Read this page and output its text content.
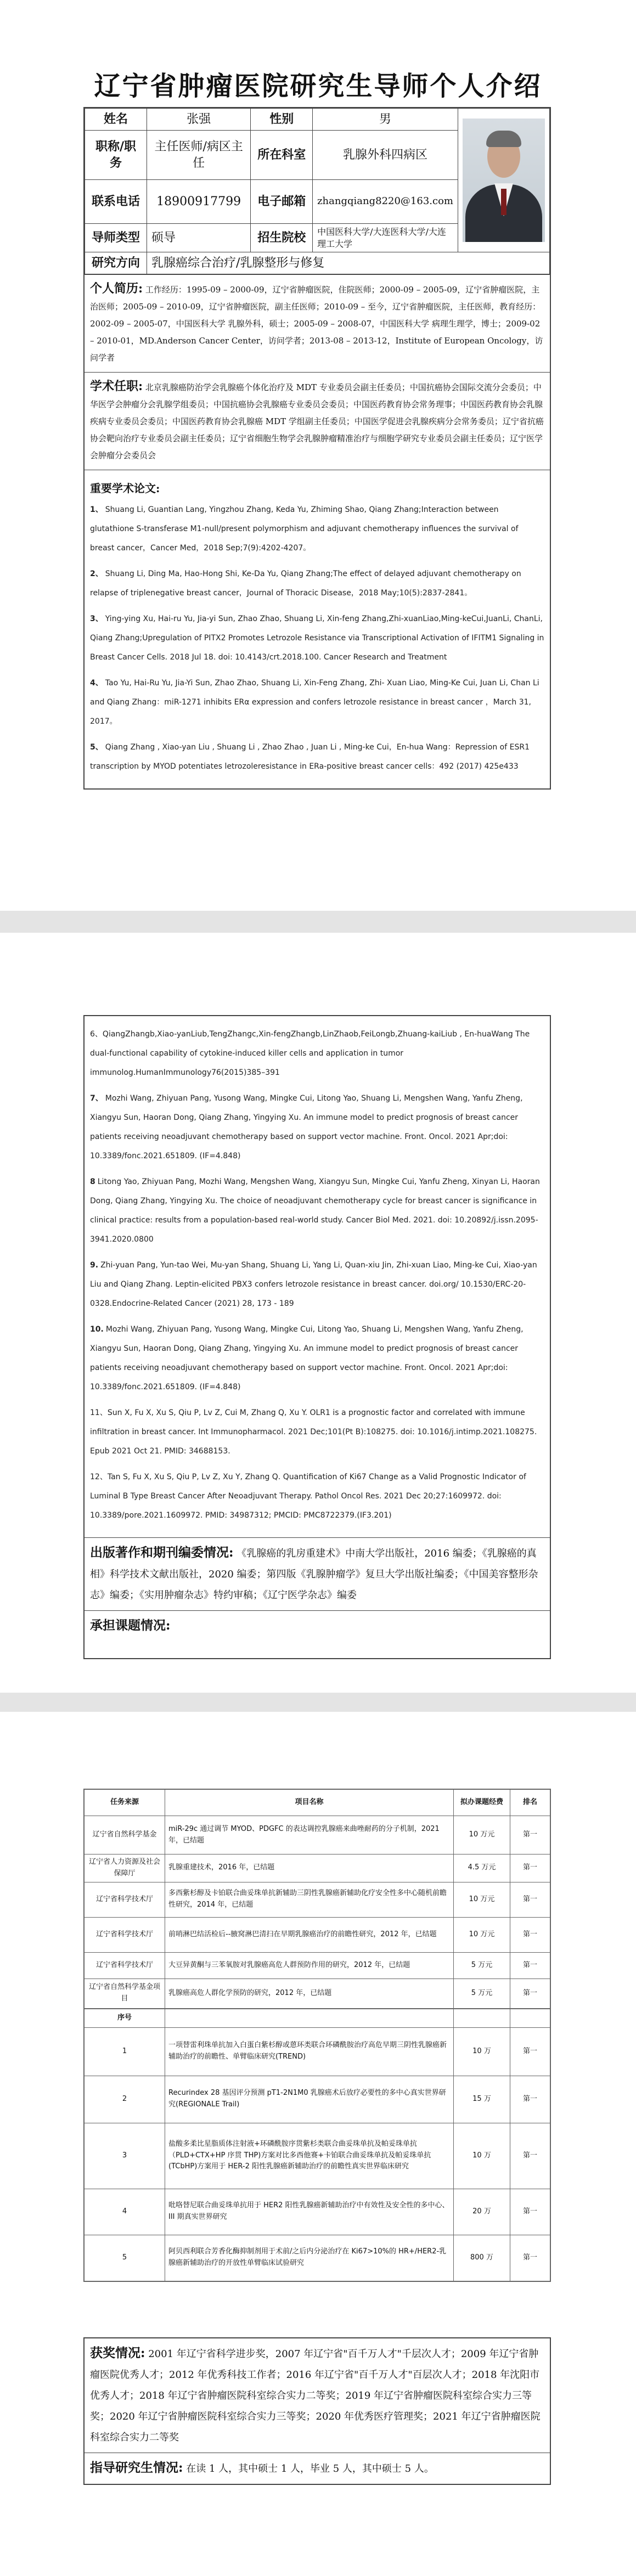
辽宁省肿瘤医院研究生导师个人介绍
姓名	张强	性别	男	

职称/职务	主任医师/病区主任	所在科室	乳腺外科四病区	
联系电话	18900917799	电子邮箱	zhangqiang8220@163.com	
导师类型	硕导	招生院校	中国医科大学/大连医科大学/大连理工大学	
研究方向	乳腺癌综合治疗/乳腺整形与修复			
个人简历: 工作经历：1995-09 – 2000-09，辽宁省肿瘤医院，住院医师；2000-09 – 2005-09，辽宁省肿瘤医院，主治医师；2005-09 – 2010-09，辽宁省肿瘤医院，副主任医师；2010-09 – 至今，辽宁省肿瘤医院，主任医师，教育经历：2002-09 – 2005-07，中国医科大学 乳腺外科，硕士；2005-09 – 2008-07，中国医科大学 病理生理学，博士；2009-02 – 2010-01，MD.Anderson Cancer Center，访问学者；2013-08 – 2013-12，Institute of European Oncology，访问学者
学术任职: 北京乳腺癌防治学会乳腺癌个体化治疗及 MDT 专业委员会副主任委员；中国抗癌协会国际交流分会委员；中华医学会肿瘤分会乳腺学组委员；中国抗癌协会乳腺癌专业委员会委员；中国医药教育协会常务理事；中国医药教育协会乳腺疾病专业委员会委员；中国医药教育协会乳腺癌 MDT 学组副主任委员；中国医学促进会乳腺疾病分会常务委员；辽宁省抗癌协会靶向治疗专业委员会副主任委员；辽宁省细胞生物学会乳腺肿瘤精准治疗与细胞学研究专业委员会副主任委员；辽宁医学会肿瘤分会委员会
重要学术论文:
1、 Shuang Li, Guantian Lang, Yingzhou Zhang, Keda Yu, Zhiming Shao, Qiang Zhang;Interaction between glutathione S-transferase M1-null/present polymorphism and adjuvant chemotherapy influences the survival of breast cancer，Cancer Med，2018 Sep;7(9):4202-4207。
2、 Shuang Li, Ding Ma, Hao-Hong Shi, Ke-Da Yu, Qiang Zhang;The effect of delayed adjuvant chemotherapy on relapse of triplenegative breast cancer，Journal of Thoracic Disease，2018 May;10(5):2837-2841。
3、 Ying-ying Xu, Hai-ru Yu, Jia-yi Sun, Zhao Zhao, Shuang Li, Xin-feng Zhang,Zhi-xuanLiao,Ming-keCui,JuanLi, ChanLi, Qiang Zhang;Upregulation of PITX2 Promotes Letrozole Resistance via Transcriptional Activation of IFITM1 Signaling in Breast Cancer Cells. 2018 Jul 18. doi: 10.4143/crt.2018.100. Cancer Research and Treatment
4、 Tao Yu, Hai-Ru Yu, Jia-Yi Sun, Zhao Zhao, Shuang Li, Xin-Feng Zhang, Zhi- Xuan Liao, Ming-Ke Cui, Juan Li, Chan Li and Qiang Zhang：miR-1271 inhibits ERα expression and confers letrozole resistance in breast cancer ，March 31, 2017。
5、 Qiang Zhang , Xiao-yan Liu , Shuang Li , Zhao Zhao , Juan Li , Ming-ke Cui，En-hua Wang：Repression of ESR1 transcription by MYOD potentiates letrozoleresistance in ERa-positive breast cancer cells：492 (2017) 425e433
6、QiangZhangb,Xiao-yanLiub,TengZhangc,Xin-fengZhangb,LinZhaob,FeiLongb,Zhuang-kaiLiub , En-huaWang The dual-functional capability of cytokine-induced killer cells and application in tumor immunolog.HumanImmunology76(2015)385–391
7、 Mozhi Wang, Zhiyuan Pang, Yusong Wang, Mingke Cui, Litong Yao, Shuang Li, Mengshen Wang, Yanfu Zheng, Xiangyu Sun, Haoran Dong, Qiang Zhang, Yingying Xu. An immune model to predict prognosis of breast cancer patients receiving neoadjuvant chemotherapy based on support vector machine. Front. Oncol. 2021 Apr;doi: 10.3389/fonc.2021.651809. (IF=4.848)
8 Litong Yao, Zhiyuan Pang, Mozhi Wang, Mengshen Wang, Xiangyu Sun, Mingke Cui, Yanfu Zheng, Xinyan Li, Haoran Dong, Qiang Zhang, Yingying Xu. The choice of neoadjuvant chemotherapy cycle for breast cancer is significance in clinical practice: results from a population-based real-world study. Cancer Biol Med. 2021. doi: 10.20892/j.issn.2095-3941.2020.0800
9. Zhi-yuan Pang, Yun-tao Wei, Mu-yan Shang, Shuang Li, Yang Li, Quan-xiu Jin, Zhi-xuan Liao, Ming-ke Cui, Xiao-yan Liu and Qiang Zhang. Leptin-elicited PBX3 confers letrozole resistance in breast cancer. doi.org/ 10.1530/ERC-20-0328.Endocrine-Related Cancer (2021) 28, 173 - 189
10. Mozhi Wang, Zhiyuan Pang, Yusong Wang, Mingke Cui, Litong Yao, Shuang Li, Mengshen Wang, Yanfu Zheng, Xiangyu Sun, Haoran Dong, Qiang Zhang, Yingying Xu. An immune model to predict prognosis of breast cancer patients receiving neoadjuvant chemotherapy based on support vector machine. Front. Oncol. 2021 Apr;doi: 10.3389/fonc.2021.651809. (IF=4.848)
11、Sun X, Fu X, Xu S, Qiu P, Lv Z, Cui M, Zhang Q, Xu Y. OLR1 is a prognostic factor and correlated with immune infiltration in breast cancer. Int Immunopharmacol. 2021 Dec;101(Pt B):108275. doi: 10.1016/j.intimp.2021.108275. Epub 2021 Oct 21. PMID: 34688153.
12、Tan S, Fu X, Xu S, Qiu P, Lv Z, Xu Y, Zhang Q. Quantification of Ki67 Change as a Valid Prognostic Indicator of Luminal B Type Breast Cancer After Neoadjuvant Therapy. Pathol Oncol Res. 2021 Dec 20;27:1609972. doi: 10.3389/pore.2021.1609972. PMID: 34987312; PMCID: PMC8722379.(IF3.201)
出版著作和期刊编委情况: 《乳腺癌的乳房重建术》中南大学出版社，2016 编委；《乳腺癌的真相》科学技术文献出版社，2020 编委；第四版《乳腺肿瘤学》复旦大学出版社编委；《中国美容整形杂志》编委；《实用肿瘤杂志》特约审稿；《辽宁医学杂志》编委
承担课题情况:
任务来源	项目名称	拟办课题经费	排名
辽宁省自然科学基金	miR-29c 通过调节 MYOD、PDGFC 的表达调控乳腺癌来曲唑耐药的分子机制，2021 年，已结题	10 万元	第一
辽宁省人力资源及社会保障厅	乳腺重建技术，2016 年，已结题	4.5 万元	第一
辽宁省科学技术厅	多西紫杉醇及卡铂联合曲妥珠单抗新辅助三阴性乳腺癌新辅助化疗安全性多中心随机前瞻性研究，2014 年，已结题	10 万元	第一
辽宁省科学技术厅	前哨淋巴结活检后--腋窝淋巴清扫在早期乳腺癌治疗的前瞻性研究，2012 年，已结题	10 万元	第一
辽宁省科学技术厅	大豆异黄酮与三苯氧胺对乳腺癌高危人群预防作用的研究，2012 年，已结题	5 万元	第一
辽宁省自然科学基金项目	乳腺癌高危人群化学预防的研究，2012 年，已结题	5 万元	第一
序号			
1	一项替雷利珠单抗加入白蛋白紫杉醇或蒽环类联合环磷酰胺治疗高危早期三阴性乳腺癌新辅助治疗的前瞻性、单臂临床研究(TREND)	10 万	第一
2	Recurindex 28 基因评分预测 pT1-2N1M0 乳腺癌术后放疗必要性的多中心真实世界研究(REGIONALE Trail)	15 万	第一
3	盐酸多柔比星脂质体注射液+环磷酰胺序贯紫杉类联合曲妥珠单抗及帕妥珠单抗（PLD+CTX+HP 序贯 THP)方案对比多西他赛+卡铂联合曲妥珠单抗及帕妥珠单抗(TCbHP)方案用于 HER-2 阳性乳腺癌新辅助治疗的前瞻性真实世界临床研究	10 万	第一
4	吡咯替尼联合曲妥珠单抗用于 HER2 阳性乳腺癌新辅助治疗中有效性及安全性的多中心、III 期真实世界研究	20 万	第一
5	阿贝西利联合芳香化酶抑制剂用于术前/之后内分泌治疗在 Ki67>10%的 HR+/HER2-乳腺癌新辅助治疗的开放性单臂临床试验研究	800 万	第一
获奖情况: 2001 年辽宁省科学进步奖，2007 年辽宁省"百千万人才"千层次人才；2009 年辽宁省肿瘤医院优秀人才；2012 年优秀科技工作者；2016 年辽宁省"百千万人才"百层次人才；2018 年沈阳市优秀人才；2018 年辽宁省肿瘤医院科室综合实力二等奖；2019 年辽宁省肿瘤医院科室综合实力三等奖；2020 年辽宁省肿瘤医院科室综合实力三等奖；2020 年优秀医疗管理奖；2021 年辽宁省肿瘤医院科室综合实力二等奖
指导研究生情况: 在读 1 人，其中硕士 1 人，毕业 5 人，其中硕士 5 人。
